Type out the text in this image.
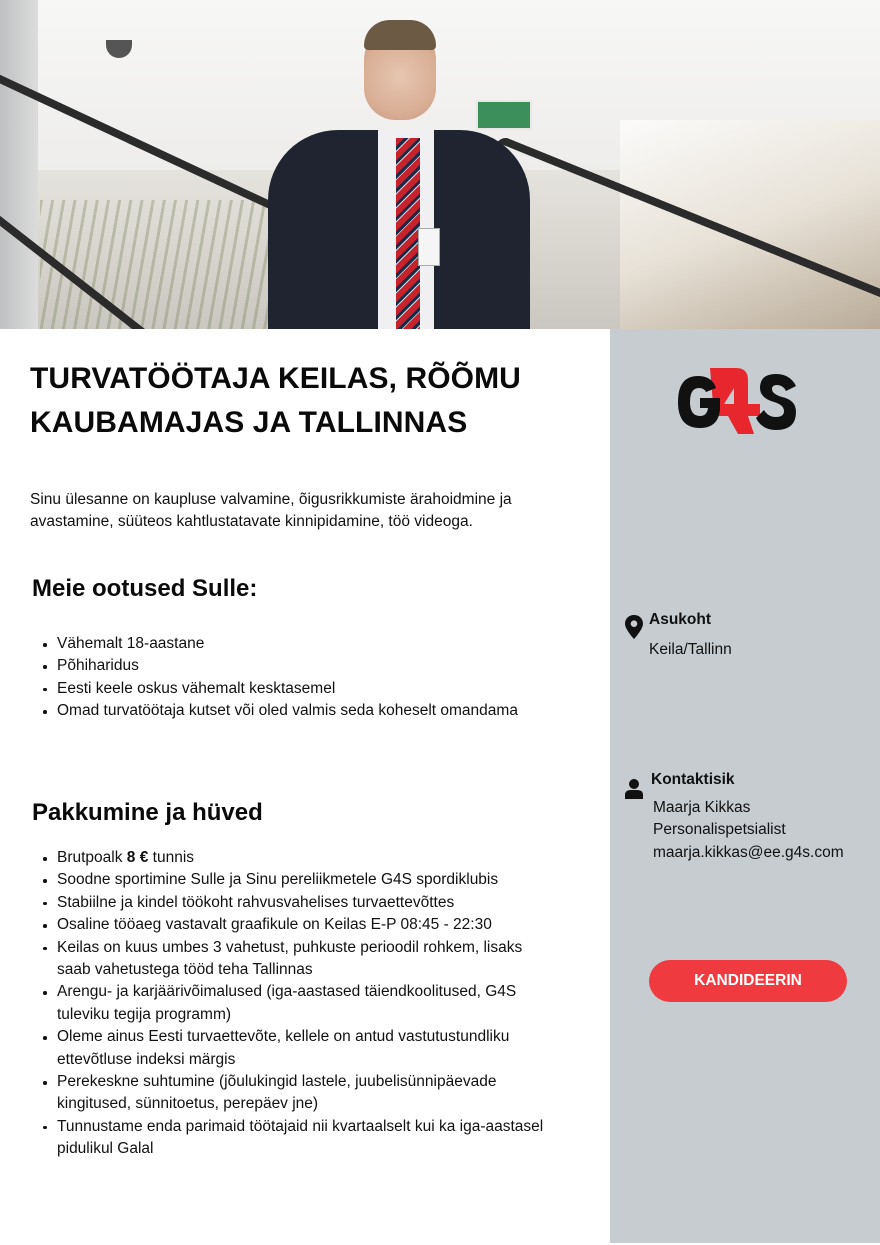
TURVATÖÖTAJA KEILAS, RÕÕMU KAUBAMAJAS JA TALLINNAS

Sinu ülesanne on kaupluse valvamine, õigusrikkumiste ärahoidmine ja avastamine, süüteos kahtlustatavate kinnipidamine, töö videoga.

Meie ootused Sulle:
Vähemalt 18-aastane
Põhiharidus
Eesti keele oskus vähemalt kesktasemel
Omad turvatöötaja kutset või oled valmis seda koheselt omandama
Pakkumine ja hüved
Brutpoalk 8 € tunnis
Soodne sportimine Sulle ja Sinu pereliikmetele G4S spordiklubis
Stabiilne ja kindel töökoht rahvusvahelises turvaettevõttes
Osaline tööaeg vastavalt graafikule on Keilas E-P 08:45 - 22:30
Keilas on kuus umbes 3 vahetust, puhkuste perioodil rohkem, lisaks saab vahetustega tööd teha Tallinnas
Arengu- ja karjäärivõimalused (iga-aastased täiendkoolitused, G4S tuleviku tegija programm)
Oleme ainus Eesti turvaettevõte, kellele on antud vastutustundliku ettevõtluse indeksi märgis
Perekeskne suhtumine (jõulukingid lastele, juubelisünnipäevade kingitused, sünnitoetus, perepäev jne)
Tunnustame enda parimaid töötajaid nii kvartaalselt kui ka iga-aastasel pidulikul Galal
Asukoht
Keila/Tallinn
Kontaktisik
Maarja Kikkas
Personalispetsialist
maarja.kikkas@ee.g4s.com
KANDIDEERIN
